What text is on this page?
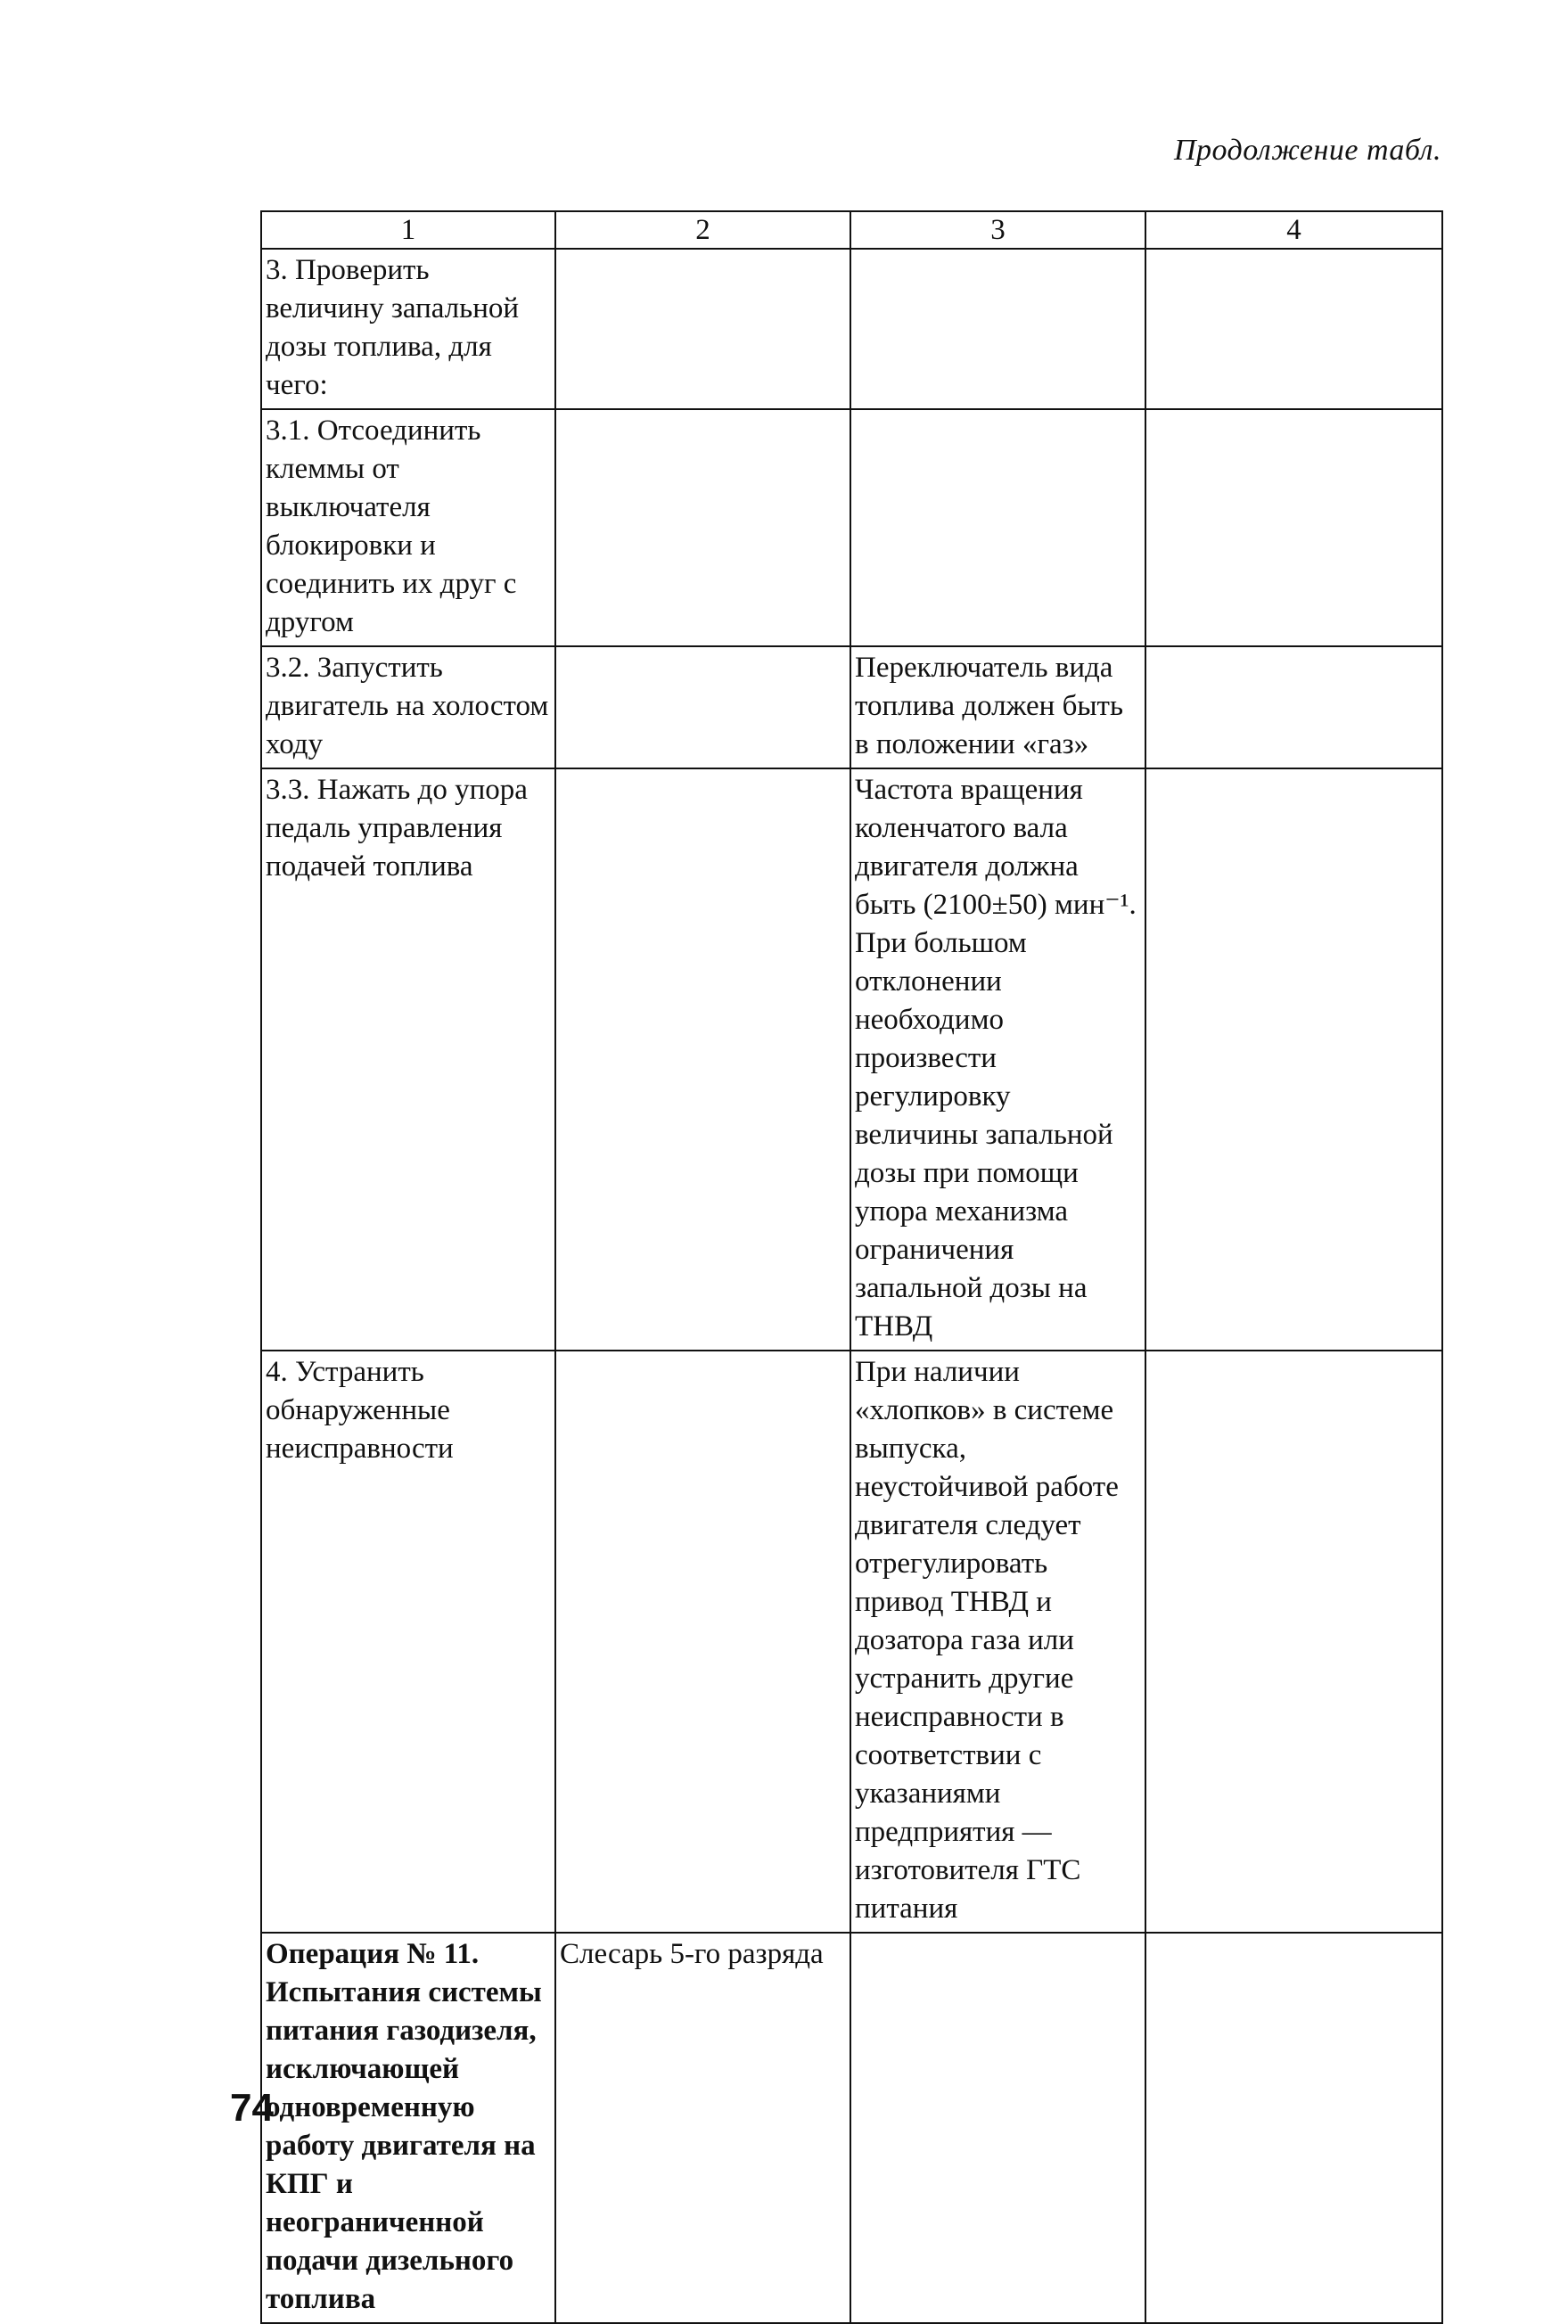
Продолжение табл.
1	2	3	4

3. Проверить величину запальной дозы топлива, для чего:			

3.1. Отсоединить клеммы от выключателя блокировки и соединить их друг с другом			

3.2. Запустить двигатель на холостом ходу		Переключатель вида топлива должен быть в положении «газ»	

3.3. Нажать до упора педаль управления подачей топлива		Частота вращения коленчатого вала двигателя должна быть (2100±50) мин⁻¹. При большом отклонении необходимо произвести регулировку величины запальной дозы при помощи упора механизма ограничения запальной дозы на ТНВД	

4. Устранить обнаруженные неисправности		При наличии «хлопков» в системе выпуска, неустойчивой работе двигателя следует отрегулировать привод ТНВД и дозатора газа или устранить другие неисправности в соответствии с указаниями предприятия — изготовителя ГТС питания	

Операция № 11. Испытания системы питания газодизеля, исключающей одновременную работу двигателя на КПГ и неограниченной подачи дизельного топлива	Слесарь 5-го разряда		

74
